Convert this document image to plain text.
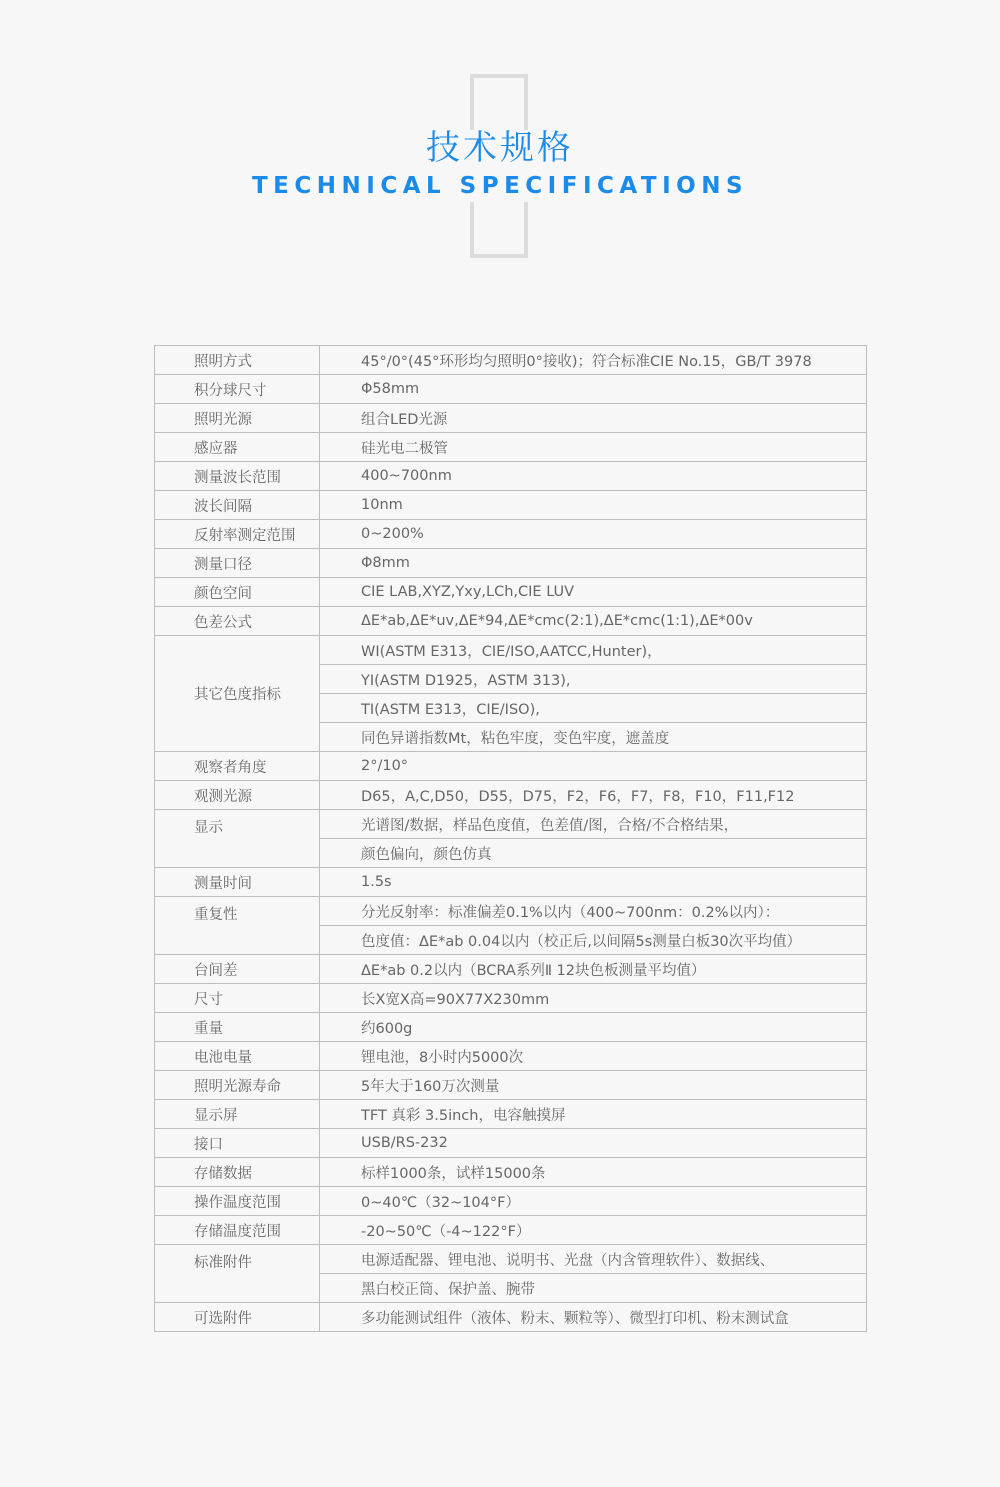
技术规格
TECHNICAL SPECIFICATIONS
照明方式	45°/0°(45°环形均匀照明0°接收)；符合标准CIE No.15，GB/T 3978
积分球尺寸	Φ58mm
照明光源	组合LED光源
感应器	硅光电二极管
测量波长范围	400~700nm
波长间隔	10nm
反射率测定范围	0~200%
测量口径	Φ8mm
颜色空间	CIE LAB,XYZ,Yxy,LCh,CIE LUV
色差公式	ΔE*ab,ΔE*uv,ΔE*94,ΔE*cmc(2:1),ΔE*cmc(1:1),ΔE*00v
其它色度指标	WI(ASTM E313，CIE/ISO,AATCC,Hunter)，
	YI(ASTM D1925，ASTM 313),
	TI(ASTM E313，CIE/ISO),
	同色异谱指数Mt，粘色牢度，变色牢度，遮盖度
观察者角度	2°/10°
观测光源	D65，A,C,D50，D55，D75，F2，F6，F7，F8，F10，F11,F12
显示	光谱图/数据，样品色度值，色差值/图，合格/不合格结果，
	颜色偏向，颜色仿真
测量时间	1.5s
重复性	分光反射率：标准偏差0.1%以内（400~700nm：0.2%以内）：
	色度值：ΔE*ab 0.04以内（校正后,以间隔5s测量白板30次平均值）
台间差	ΔE*ab 0.2以内（BCRA系列Ⅱ 12块色板测量平均值）
尺寸	长X宽X高=90X77X230mm
重量	约600g
电池电量	锂电池，8小时内5000次
照明光源寿命	5年大于160万次测量
显示屏	TFT 真彩 3.5inch，电容触摸屏
接口	USB/RS-232
存储数据	标样1000条，试样15000条
操作温度范围	0~40℃（32~104°F）
存储温度范围	-20~50℃（-4~122°F）
标准附件	电源适配器、锂电池、说明书、光盘（内含管理软件）、数据线、
	黑白校正筒、保护盖、腕带
可选附件	多功能测试组件（液体、粉末、颗粒等）、微型打印机、粉末测试盒
